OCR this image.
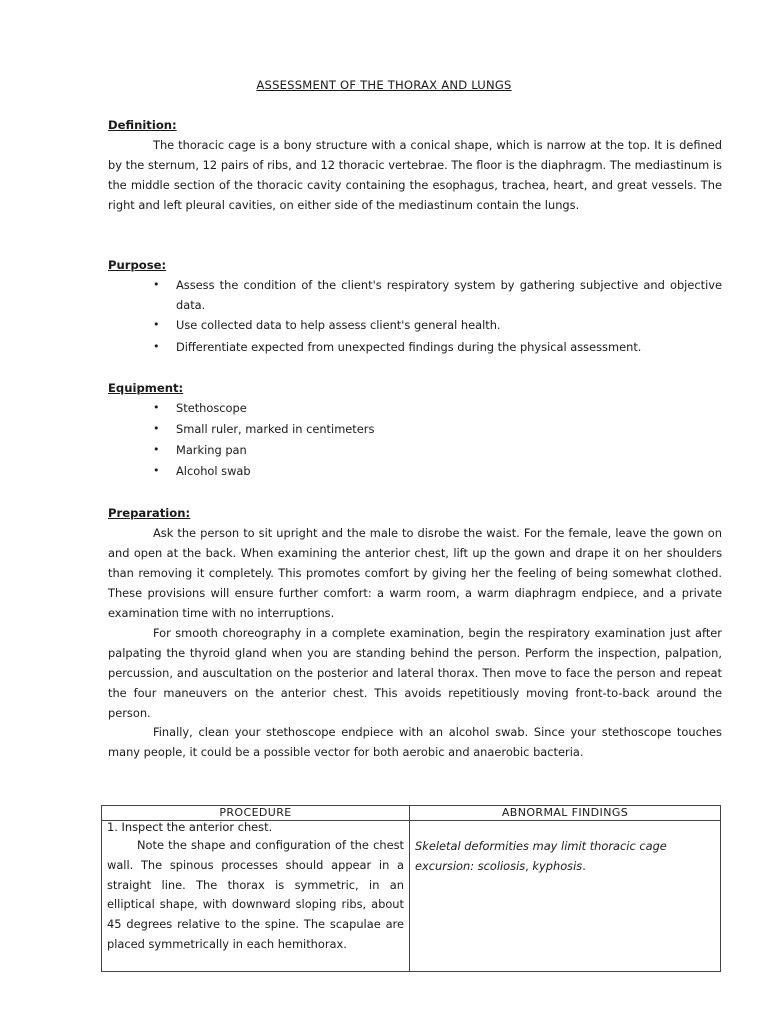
ASSESSMENT OF THE THORAX AND LUNGS
Definition:
The thoracic cage is a bony structure with a conical shape, which is narrow at the top. It is defined by the sternum, 12 pairs of ribs, and 12 thoracic vertebrae. The floor is the diaphragm. The mediastinum is the middle section of the thoracic cavity containing the esophagus, trachea, heart, and great vessels. The right and left pleural cavities, on either side of the mediastinum contain the lungs.
Purpose:
• Assess the condition of the client's respiratory system by gathering subjective and objective data.
• Use collected data to help assess client's general health.
• Differentiate expected from unexpected findings during the physical assessment.
Equipment:
• Stethoscope
• Small ruler, marked in centimeters
• Marking pan
• Alcohol swab
Preparation:
Ask the person to sit upright and the male to disrobe the waist. For the female, leave the gown on and open at the back. When examining the anterior chest, lift up the gown and drape it on her shoulders than removing it completely. This promotes comfort by giving her the feeling of being somewhat clothed. These provisions will ensure further comfort: a warm room, a warm diaphragm endpiece, and a private examination time with no interruptions.
For smooth choreography in a complete examination, begin the respiratory examination just after palpating the thyroid gland when you are standing behind the person. Perform the inspection, palpation, percussion, and auscultation on the posterior and lateral thorax. Then move to face the person and repeat the four maneuvers on the anterior chest. This avoids repetitiously moving front-to-back around the person.
Finally, clean your stethoscope endpiece with an alcohol swab. Since your stethoscope touches many people, it could be a possible vector for both aerobic and anaerobic bacteria.
PROCEDURE	ABNORMAL FINDINGS

1. Inspect the anterior chest.
Note the shape and configuration of the chest wall. The spinous processes should appear in a straight line. The thorax is symmetric, in an elliptical shape, with downward sloping ribs, about 45 degrees relative to the spine. The scapulae are placed symmetrically in each hemithorax.	Skeletal deformities may limit thoracic cage excursion: scoliosis, kyphosis.
